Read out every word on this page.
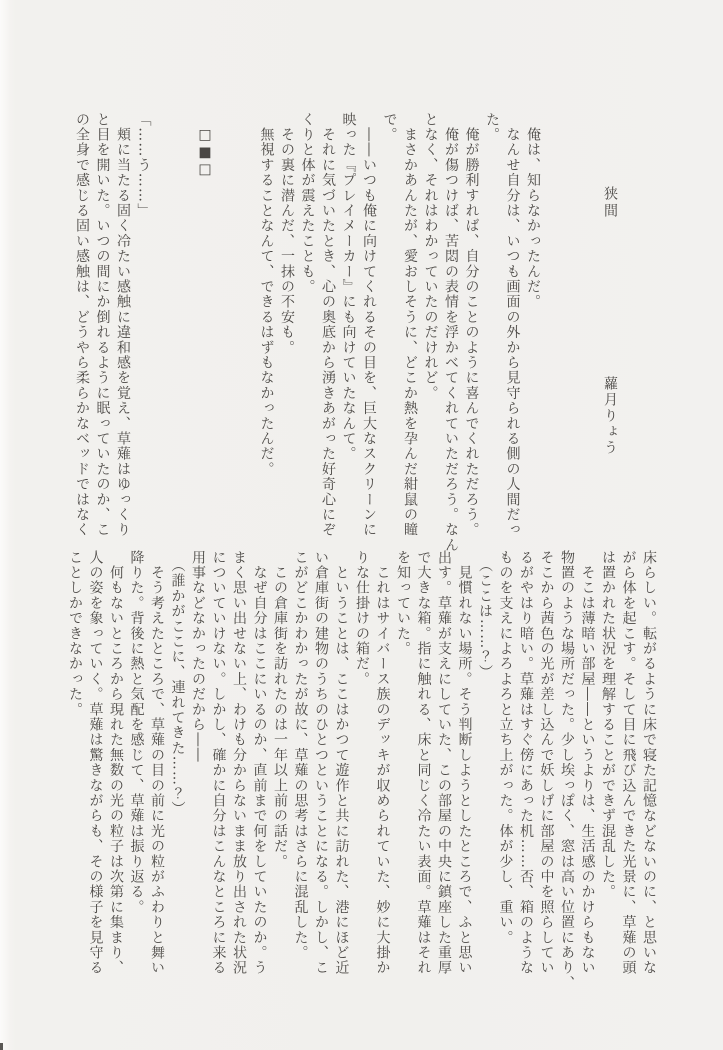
狭間 蘿月りょう
　俺は、知らなかったんだ。
　なんせ自分は、いつも画面の外から見守られる側の人間だっ
た。
　俺が勝利すれば、自分のことのように喜んでくれただろう。
　俺が傷つけば、苦悶の表情を浮かべてくれていただろう。なん
となく、それはわかっていたのだけれど。
　まさかあんたが、愛おしそうに、どこか熱を孕んだ紺鼠の瞳
で。
　――いつも俺に向けてくれるその目を、巨大なスクリーンに
映った『プレイメーカー』にも向けていたなんて。
　それに気づいたとき、心の奥底から湧きあがった好奇心にぞ
くりと体が震えたことも。
　その裏に潜んだ、一抹の不安も。
　無視することなんて、できるはずもなかったんだ。
　□■□
「……う……」
　頬に当たる固く冷たい感触に違和感を覚え、草薙はゆっくり
と目を開いた。いつの間にか倒れるように眠っていたのか、こ
の全身で感じる固い感触は、どうやら柔らかなベッドではなく
床らしい。転がるように床で寝た記憶などないのに、と思いな
がら体を起こす。そして目に飛び込んできた光景に、草薙の頭
は置かれた状況を理解することができず混乱した。
　そこは薄暗い部屋――というよりは、生活感のかけらもない
物置のような場所だった。少し埃っぽく、窓は高い位置にあり、
そこから茜色の光が差し込んで妖しげに部屋の中を照らしてい
るがやはり暗い。草薙はすぐ傍にあった机……否、箱のような
ものを支えによろよろと立ち上がった。体が少し、重い。
　（ここは……？）
　見慣れない場所。そう判断しようとしたところで、ふと思い
出す。草薙が支えにしていた、この部屋の中央に鎮座した重厚
で大きな箱。指に触れる、床と同じく冷たい表面。草薙はそれ
を知っていた。
　これはサイバース族のデッキが収められていた、妙に大掛か
りな仕掛けの箱だ。
　ということは、ここはかつて遊作と共に訪れた、港にほど近
い倉庫街の建物のうちのひとつということになる。しかし、こ
こがどこかわかったが故に、草薙の思考はさらに混乱した。
　この倉庫街を訪れたのは一年以上前の話だ。
　なぜ自分はここにいるのか、直前まで何をしていたのか。う
まく思い出せない上、わけも分からないまま放り出された状況
についていけない。しかし、確かに自分はこんなところに来る
用事などなかったのだから――
　（誰かがここに、連れてきた……？）
　そう考えたところで、草薙の目の前に光の粒がふわりと舞い
降りた。背後に熱と気配を感じて、草薙は振り返る。
　何もないところから現れた無数の光の粒子は次第に集まり、
人の姿を象っていく。草薙は驚きながらも、その様子を見守る
ことしかできなかった。
